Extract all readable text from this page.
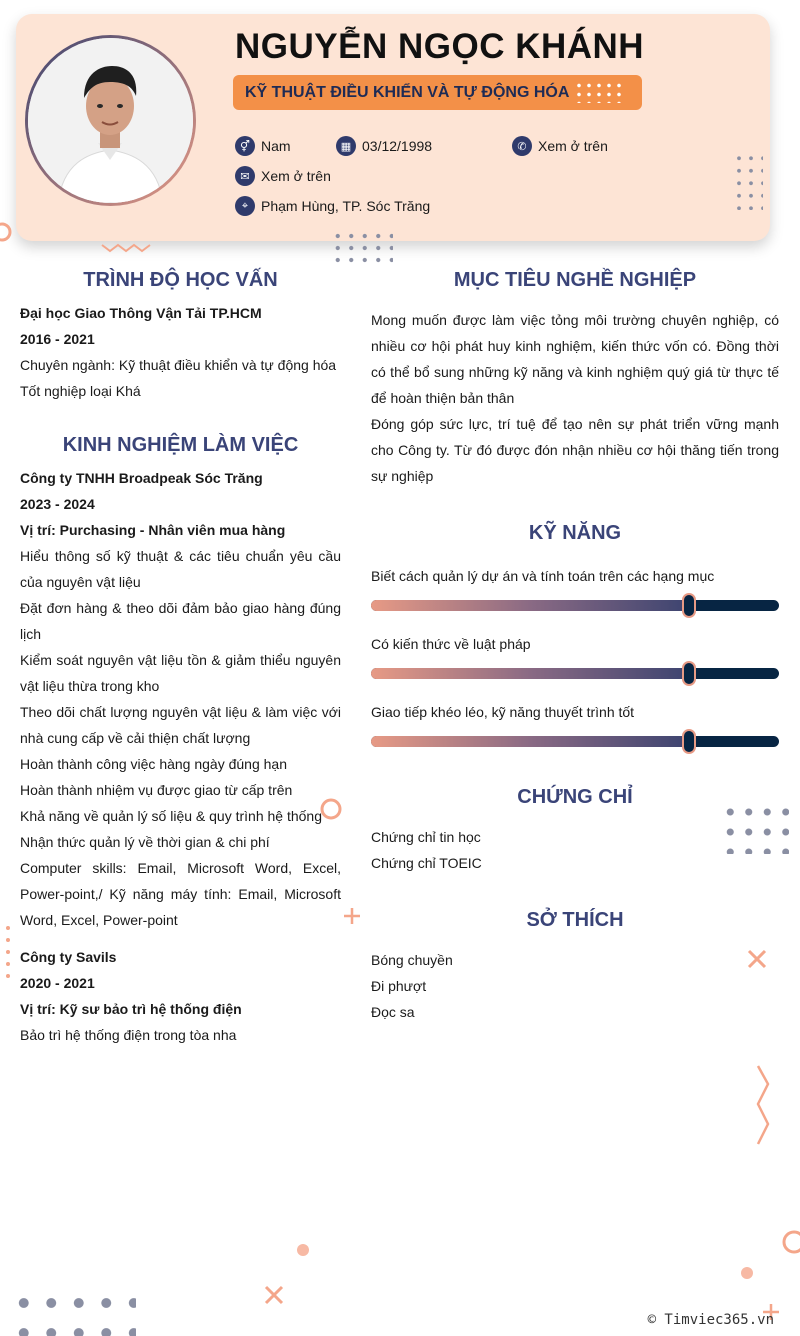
NGUYỄN NGỌC KHÁNH
KỸ THUẬT ĐIỀU KHIỂN VÀ TỰ ĐỘNG HÓA
⚥ Nam	▦ 03/12/1998	✆ Xem ở trên
✉ Xem ở trên
⌖ Phạm Hùng, TP. Sóc Trăng
TRÌNH ĐỘ HỌC VẤN
Đại học Giao Thông Vận Tải TP.HCM
2016 - 2021
Chuyên ngành: Kỹ thuật điều khiển và tự động hóa
Tốt nghiệp loại Khá
KINH NGHIỆM LÀM VIỆC
Công ty TNHH Broadpeak Sóc Trăng
2023 - 2024
Vị trí: Purchasing - Nhân viên mua hàng
Hiểu thông số kỹ thuật & các tiêu chuẩn yêu cầu của nguyên vật liệu
Đặt đơn hàng & theo dõi đảm bảo giao hàng đúng lịch
Kiểm soát nguyên vật liệu tồn & giảm thiểu nguyên vật liệu thừa trong kho
Theo dõi chất lượng nguyên vật liệu & làm việc với nhà cung cấp về cải thiện chất lượng
Hoàn thành công việc hàng ngày đúng hạn
Hoàn thành nhiệm vụ được giao từ cấp trên
Khả năng về quản lý số liệu & quy trình hệ thống
Nhận thức quản lý về thời gian & chi phí
Computer skills: Email, Microsoft Word, Excel, Power-point,/ Kỹ năng máy tính: Email, Microsoft Word, Excel, Power-point
Công ty Savils
2020 - 2021
Vị trí: Kỹ sư bảo trì hệ thống điện
Bảo trì hệ thống điện trong tòa nha
MỤC TIÊU NGHỀ NGHIỆP
Mong muốn được làm việc tỏng môi trường chuyên nghiệp, có nhiều cơ hội phát huy kinh nghiệm, kiến thức vốn có. Đồng thời có thể bổ sung những kỹ năng và kinh nghiệm quý giá từ thực tế để hoàn thiện bản thân
Đóng góp sức lực, trí tuệ để tạo nên sự phát triển vững mạnh cho Công ty. Từ đó được đón nhận nhiều cơ hội thăng tiến trong sự nghiệp
KỸ NĂNG
Biết cách quản lý dự án và tính toán trên các hạng mục
Có kiến thức về luật pháp
Giao tiếp khéo léo, kỹ năng thuyết trình tốt
CHỨNG CHỈ
Chứng chỉ tin học
Chứng chỉ TOEIC
SỞ THÍCH
Bóng chuyền
Đi phượt
Đọc sa
© Timviec365.vn
